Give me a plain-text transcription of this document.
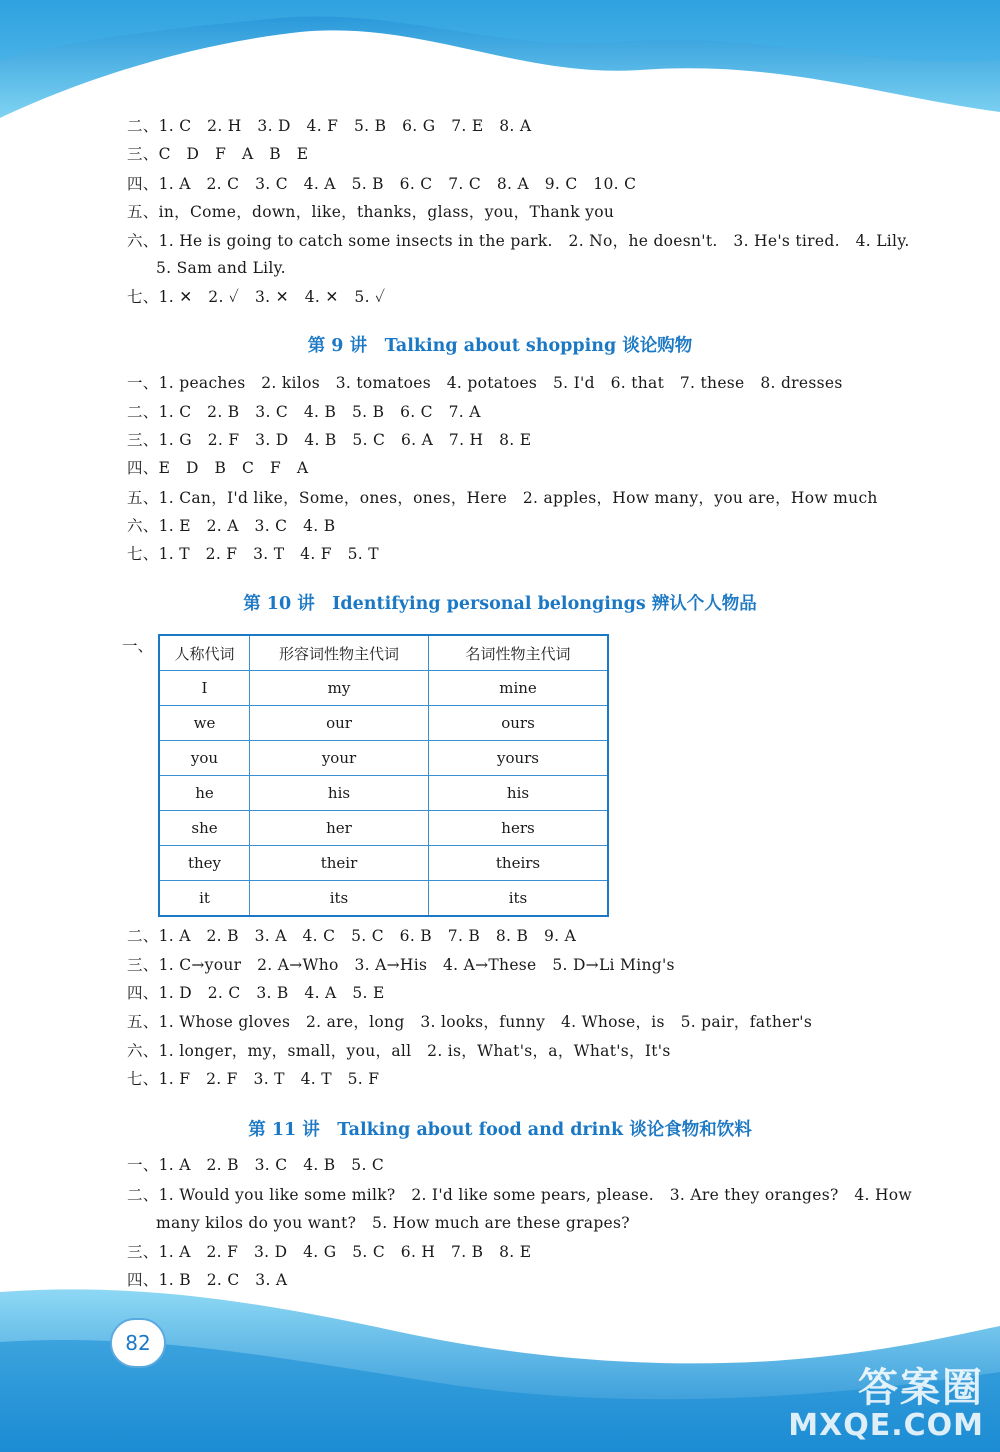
二、1. C　2. H　3. D　4. F　5. B　6. G　7. E　8. A
三、C　D　F　A　B　E
四、1. A　2. C　3. C　4. A　5. B　6. C　7. C　8. A　9. C　10. C
五、in，Come，down，like，thanks，glass，you，Thank you
六、1. He is going to catch some insects in the park.　2. No，he doesn't.　3. He's tired.　4. Lily.
5. Sam and Lily.
七、1. ✕　2. ✓　3. ✕　4. ✕　5. ✓
第 9 讲　Talking about shopping 谈论购物
一、1. peaches　2. kilos　3. tomatoes　4. potatoes　5. I'd　6. that　7. these　8. dresses
二、1. C　2. B　3. C　4. B　5. B　6. C　7. A
三、1. G　2. F　3. D　4. B　5. C　6. A　7. H　8. E
四、E　D　B　C　F　A
五、1. Can，I'd like，Some，ones，ones，Here　2. apples，How many，you are，How much
六、1. E　2. A　3. C　4. B
七、1. T　2. F　3. T　4. F　5. T
第 10 讲　Identifying personal belongings 辨认个人物品
一、 人称代词	形容词性物主代词	名词性物主代词
I	my	mine
we	our	ours
you	your	yours
he	his	his
she	her	hers
they	their	theirs
it	its	its
二、1. A　2. B　3. A　4. C　5. C　6. B　7. B　8. B　9. A
三、1. C→your　2. A→Who　3. A→His　4. A→These　5. D→Li Ming's
四、1. D　2. C　3. B　4. A　5. E
五、1. Whose gloves　2. are，long　3. looks，funny　4. Whose，is　5. pair，father's
六、1. longer，my，small，you，all　2. is，What's，a，What's，It's
七、1. F　2. F　3. T　4. T　5. F
第 11 讲　Talking about food and drink 谈论食物和饮料
一、1. A　2. B　3. C　4. B　5. C
二、1. Would you like some milk?　2. I'd like some pears, please.　3. Are they oranges?　4. How
many kilos do you want?　5. How much are these grapes?
三、1. A　2. F　3. D　4. G　5. C　6. H　7. B　8. E
四、1. B　2. C　3. A
82
答案圈
MXQE.COM
